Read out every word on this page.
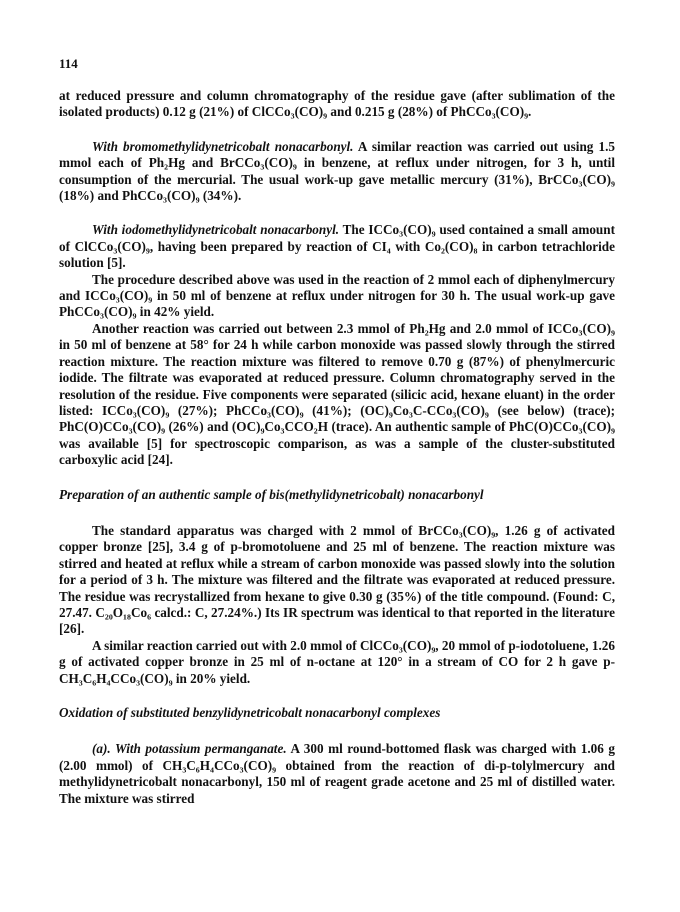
114

at reduced pressure and column chromatography of the residue gave (after sublimation of the isolated products) 0.12 g (21%) of ClCCo₃(CO)₉ and 0.215 g (28%) of PhCCo₃(CO)₉.

With bromomethylidynetricobalt nonacarbonyl. A similar reaction was carried out using 1.5 mmol each of Ph₂Hg and BrCCo₃(CO)₉ in benzene, at reflux under nitrogen, for 3 h, until consumption of the mercurial. The usual work-up gave metallic mercury (31%), BrCCo₃(CO)₉ (18%) and PhCCo₃(CO)₉ (34%).

With iodomethylidynetricobalt nonacarbonyl. The ICCo₃(CO)₉ used contained a small amount of ClCCo₃(CO)₉, having been prepared by reaction of CI₄ with Co₂(CO)₈ in carbon tetrachloride solution [5].

The procedure described above was used in the reaction of 2 mmol each of diphenylmercury and ICCo₃(CO)₉ in 50 ml of benzene at reflux under nitrogen for 30 h. The usual work-up gave PhCCo₃(CO)₉ in 42% yield.

Another reaction was carried out between 2.3 mmol of Ph₂Hg and 2.0 mmol of ICCo₃(CO)₉ in 50 ml of benzene at 58° for 24 h while carbon monoxide was passed slowly through the stirred reaction mixture. The reaction mixture was filtered to remove 0.70 g (87%) of phenylmercuric iodide. The filtrate was evaporated at reduced pressure. Column chromatography served in the resolution of the residue. Five components were separated (silicic acid, hexane eluant) in the order listed: ICCo₃(CO)₉ (27%); PhCCo₃(CO)₉ (41%); (OC)₉Co₃C-CCo₃(CO)₉ (see below) (trace); PhC(O)CCo₃(CO)₉ (26%) and (OC)₉Co₃CCO₂H (trace). An authentic sample of PhC(O)CCo₃(CO)₉ was available [5] for spectroscopic comparison, as was a sample of the cluster-substituted carboxylic acid [24].

Preparation of an authentic sample of bis(methylidynetricobalt) nonacarbonyl

The standard apparatus was charged with 2 mmol of BrCCo₃(CO)₉, 1.26 g of activated copper bronze [25], 3.4 g of p-bromotoluene and 25 ml of benzene. The reaction mixture was stirred and heated at reflux while a stream of carbon monoxide was passed slowly into the solution for a period of 3 h. The mixture was filtered and the filtrate was evaporated at reduced pressure. The residue was recrystallized from hexane to give 0.30 g (35%) of the title compound. (Found: C, 27.47. C₂₀O₁₈Co₆ calcd.: C, 27.24%.) Its IR spectrum was identical to that reported in the literature [26].

A similar reaction carried out with 2.0 mmol of ClCCo₃(CO)₉, 20 mmol of p-iodotoluene, 1.26 g of activated copper bronze in 25 ml of n-octane at 120° in a stream of CO for 2 h gave p-CH₃C₆H₄CCo₃(CO)₉ in 20% yield.

Oxidation of substituted benzylidynetricobalt nonacarbonyl complexes

(a). With potassium permanganate. A 300 ml round-bottomed flask was charged with 1.06 g (2.00 mmol) of CH₃C₆H₄CCo₃(CO)₉ obtained from the reaction of di-p-tolylmercury and methylidynetricobalt nonacarbonyl, 150 ml of reagent grade acetone and 25 ml of distilled water. The mixture was stirred
